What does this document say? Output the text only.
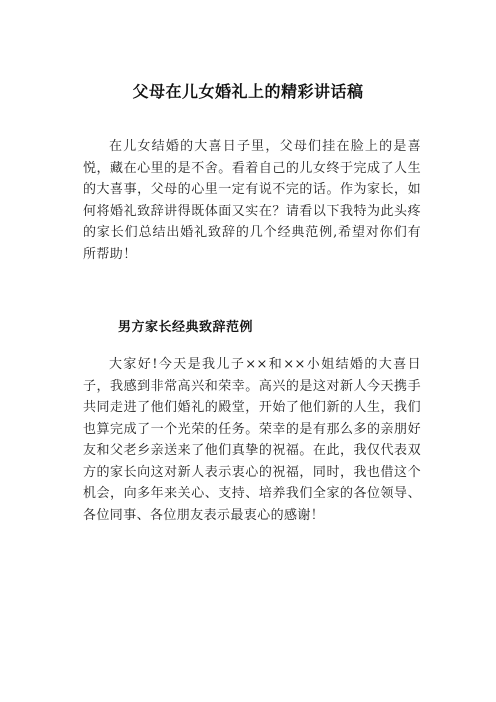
父母在儿女婚礼上的精彩讲话稿

在儿女结婚的大喜日子里，父母们挂在脸上的是喜悦，藏在心里的是不舍。看着自己的儿女终于完成了人生的大喜事，父母的心里一定有说不完的话。作为家长，如何将婚礼致辞讲得既体面又实在？请看以下我特为此头疼的家长们总结出婚礼致辞的几个经典范例,希望对你们有所帮助！

男方家长经典致辞范例

大家好!今天是我儿子××和××小姐结婚的大喜日子，我感到非常高兴和荣幸。高兴的是这对新人今天携手共同走进了他们婚礼的殿堂，开始了他们新的人生，我们也算完成了一个光荣的任务。荣幸的是有那么多的亲朋好友和父老乡亲送来了他们真挚的祝福。在此，我仅代表双方的家长向这对新人表示衷心的祝福，同时，我也借这个机会，向多年来关心、支持、培养我们全家的各位领导、各位同事、各位朋友表示最衷心的感谢！
